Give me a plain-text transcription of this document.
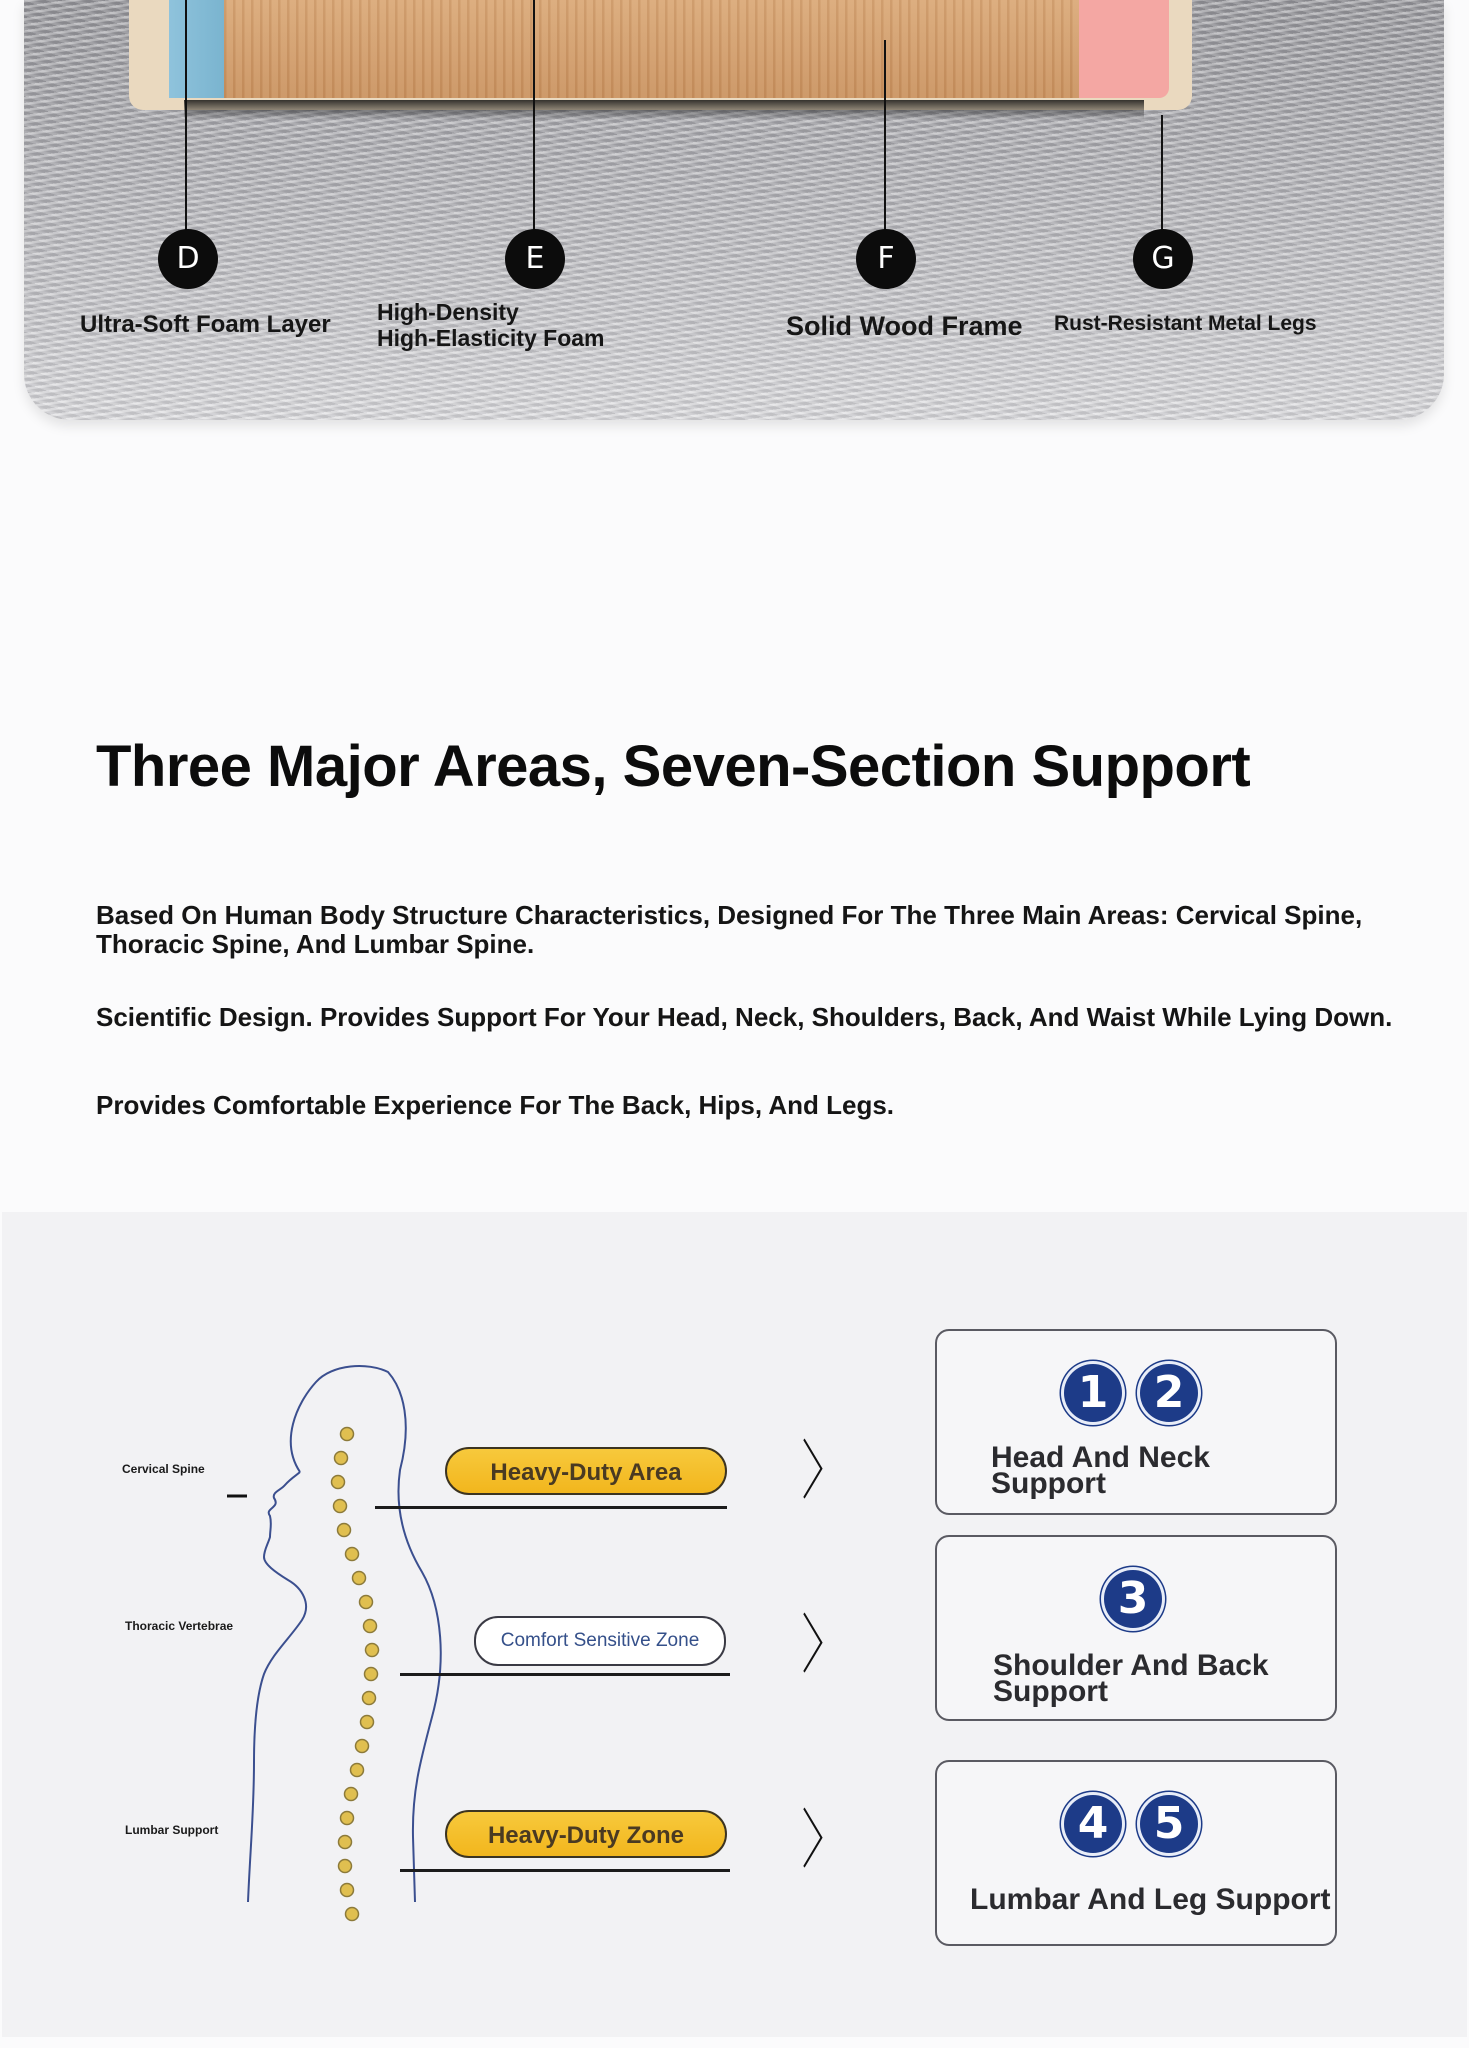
D	E	F	G
Ultra-Soft Foam Layer High-Density
High-Elasticity Foam	Solid Wood Frame Rust-Resistant Metal Legs
Three Major Areas, Seven-Section Support

Based On Human Body Structure Characteristics, Designed For The Three Main Areas: Cervical Spine, Thoracic Spine, And Lumbar Spine.

Scientific Design. Provides Support For Your Head, Neck, Shoulders, Back, And Waist While Lying Down.

Provides Comfortable Experience For The Back, Hips, And Legs.

Cervical Spine
Thoracic Vertebrae
Lumbar Support
Heavy-Duty Area
Comfort Sensitive Zone
Heavy-Duty Zone
〉
〉
〉
1	2

Head And Neck
Support

3

Shoulder And Back
Support

4	5

Lumbar And Leg Support
